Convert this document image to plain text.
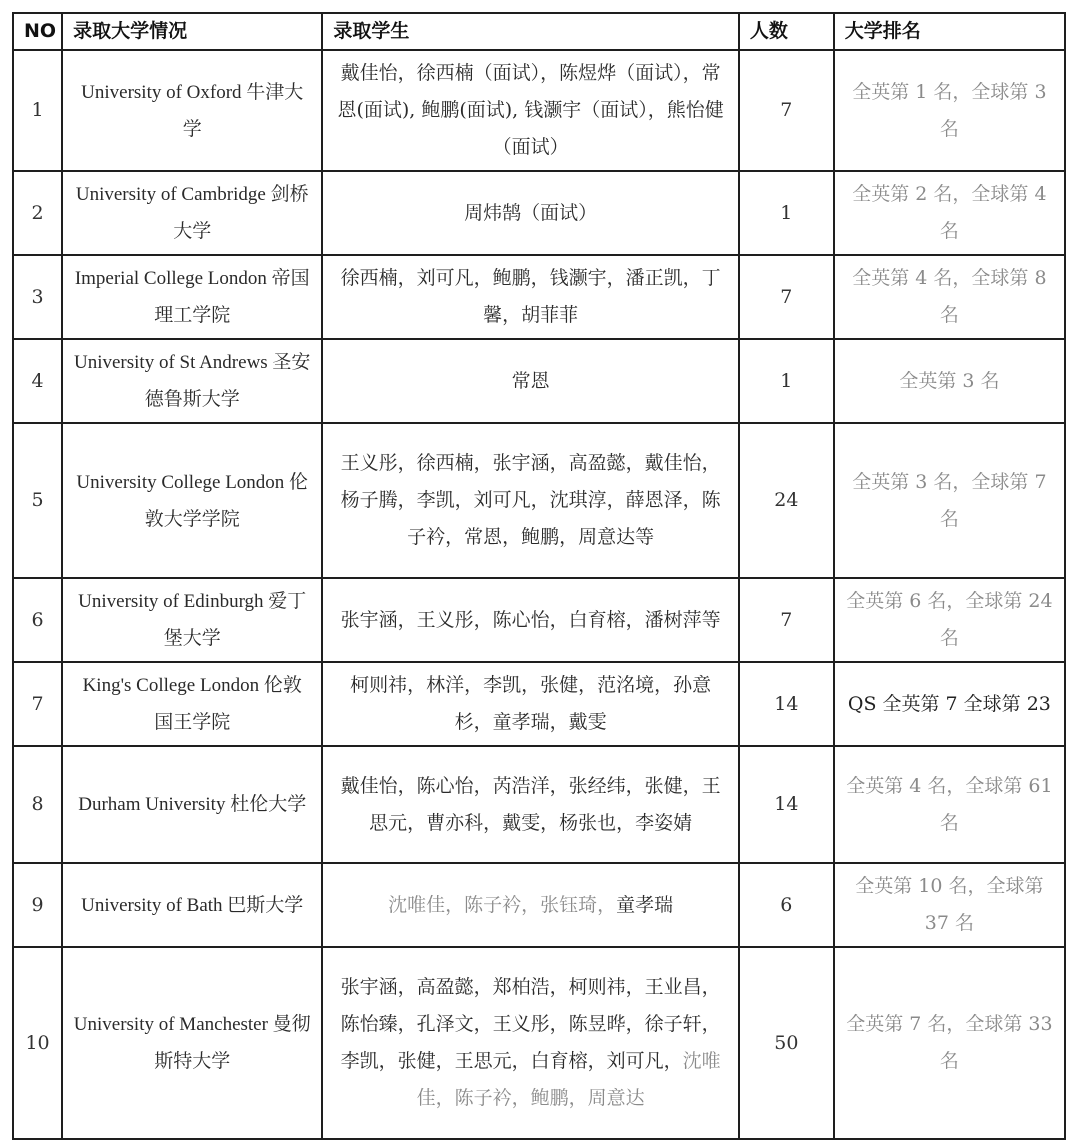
NO	录取大学情况	录取学生	人数	大学排名
1	University of Oxford 牛津大学	戴佳怡，徐西楠（面试），陈煜烨（面试），常恩(面试), 鲍鹏(面试), 钱灏宇（面试），熊怡健（面试）	7	全英第 1 名，全球第 3 名
2	University of Cambridge 剑桥大学	周炜鹄（面试）	1	全英第 2 名，全球第 4 名
3	Imperial College London 帝国理工学院	徐西楠，刘可凡，鲍鹏，钱灏宇，潘正凯，丁馨，胡菲菲	7	全英第 4 名，全球第 8 名
4	University of St Andrews 圣安德鲁斯大学	常恩	1	全英第 3 名
5	University College London 伦敦大学学院	王义彤，徐西楠，张宇涵，高盈懿，戴佳怡，杨子腾，李凯，刘可凡，沈琪淳，薛恩泽，陈子衿，常恩，鲍鹏，周意达等	24	全英第 3 名，全球第 7 名
6	University of Edinburgh 爱丁堡大学	张宇涵，王义彤，陈心怡，白育榕，潘树萍等	7	全英第 6 名，全球第 24 名
7	King's College London 伦敦国王学院	柯则祎，林洋，李凯，张健，范洺境，孙意杉，童孝瑞，戴雯	14	QS 全英第 7 全球第 23
8	Durham University 杜伦大学	戴佳怡，陈心怡，芮浩洋，张经纬，张健，王思元，曹亦科，戴雯，杨张也，李姿婧	14	全英第 4 名，全球第 61 名
9	University of Bath 巴斯大学	沈唯佳，陈子衿，张钰琦，童孝瑞	6	全英第 10 名，全球第 37 名
10	University of Manchester 曼彻斯特大学	张宇涵，高盈懿，郑柏浩，柯则祎，王业昌，陈怡臻，孔泽文，王义彤，陈昱晔，徐子轩，李凯，张健，王思元，白育榕，刘可凡，沈唯佳，陈子衿，鲍鹏，周意达	50	全英第 7 名，全球第 33 名
